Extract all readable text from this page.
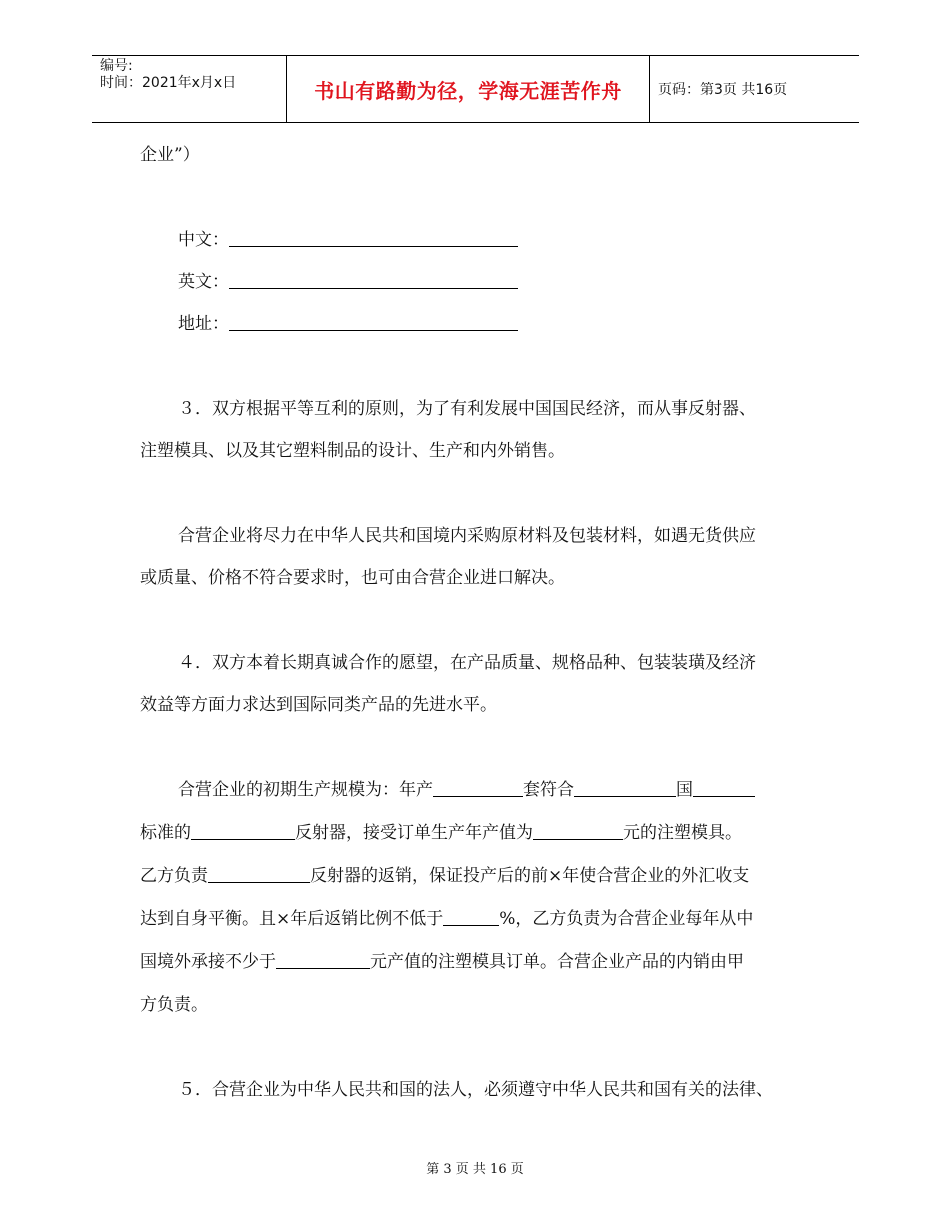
编号:
时间：2021年x月x日	书山有路勤为径，学海无涯苦作舟	页码：第3页 共16页
企业”）
中文：
英文：
地址：
３．双方根据平等互利的原则，为了有利发展中国国民经济，而从事反射器、
注塑模具、以及其它塑料制品的设计、生产和内外销售。
合营企业将尽力在中华人民共和国境内采购原材料及包装材料，如遇无货供应
或质量、价格不符合要求时，也可由合营企业进口解决。
４．双方本着长期真诚合作的愿望，在产品质量、规格品种、包装装璜及经济
效益等方面力求达到国际同类产品的先进水平。
合营企业的初期生产规模为：年产	套符合	国
标准的	反射器，接受订单生产年产值为	元的注塑模具。
乙方负责	反射器的返销，保证投产后的前×年使合营企业的外汇收支
达到自身平衡。且×年后返销比例不低于	%，乙方负责为合营企业每年从中
国境外承接不少于	元产值的注塑模具订单。合营企业产品的内销由甲
方负责。
５．合营企业为中华人民共和国的法人，必须遵守中华人民共和国有关的法律、
第 3 页 共 16 页
